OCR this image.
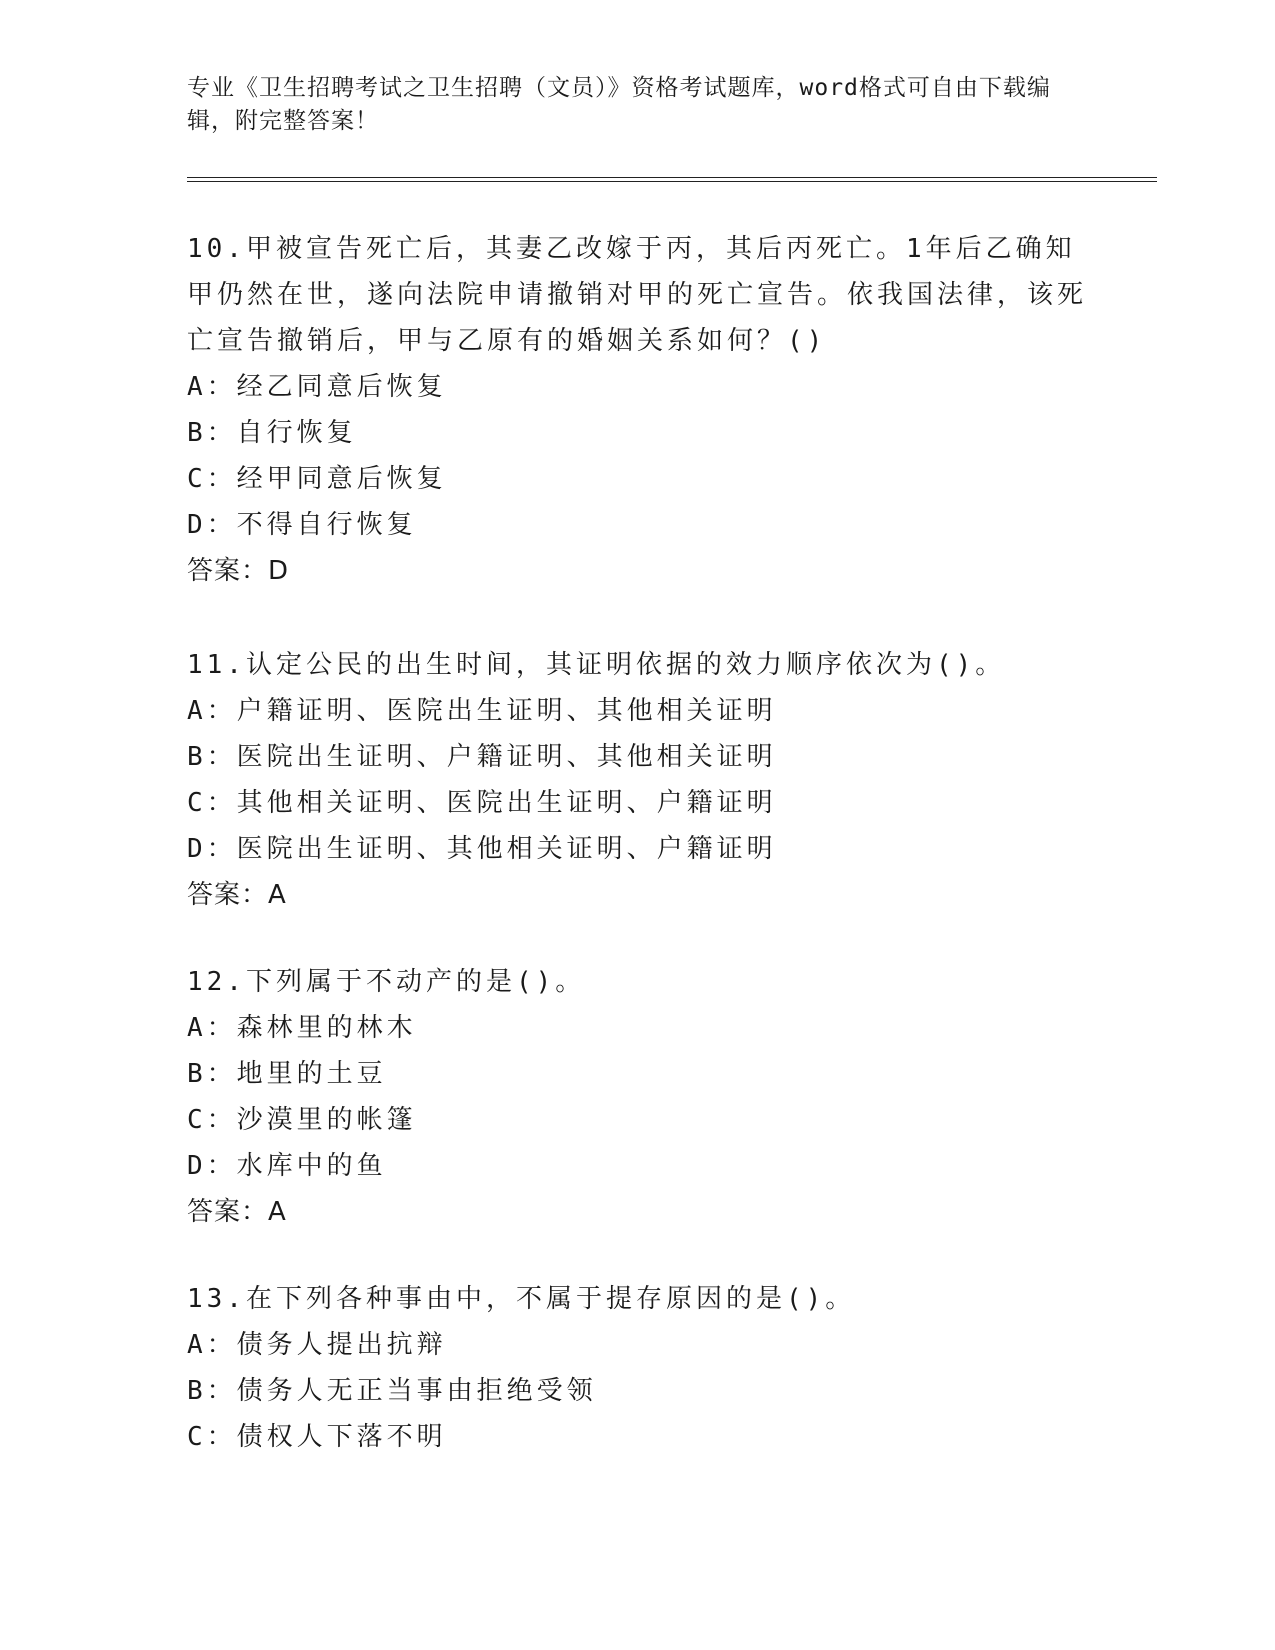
专业《卫生招聘考试之卫生招聘（文员）》资格考试题库，word格式可自由下载编辑，附完整答案！
10.甲被宣告死亡后，其妻乙改嫁于丙，其后丙死亡。1年后乙确知甲仍然在世，遂向法院申请撤销对甲的死亡宣告。依我国法律，该死亡宣告撤销后，甲与乙原有的婚姻关系如何？()
A：经乙同意后恢复
B：自行恢复
C：经甲同意后恢复
D：不得自行恢复
答案：D
11.认定公民的出生时间，其证明依据的效力顺序依次为()。
A：户籍证明、医院出生证明、其他相关证明
B：医院出生证明、户籍证明、其他相关证明
C：其他相关证明、医院出生证明、户籍证明
D：医院出生证明、其他相关证明、户籍证明
答案：A
12.下列属于不动产的是()。
A：森林里的林木
B：地里的土豆
C：沙漠里的帐篷
D：水库中的鱼
答案：A
13.在下列各种事由中，不属于提存原因的是()。
A：债务人提出抗辩
B：债务人无正当事由拒绝受领
C：债权人下落不明
